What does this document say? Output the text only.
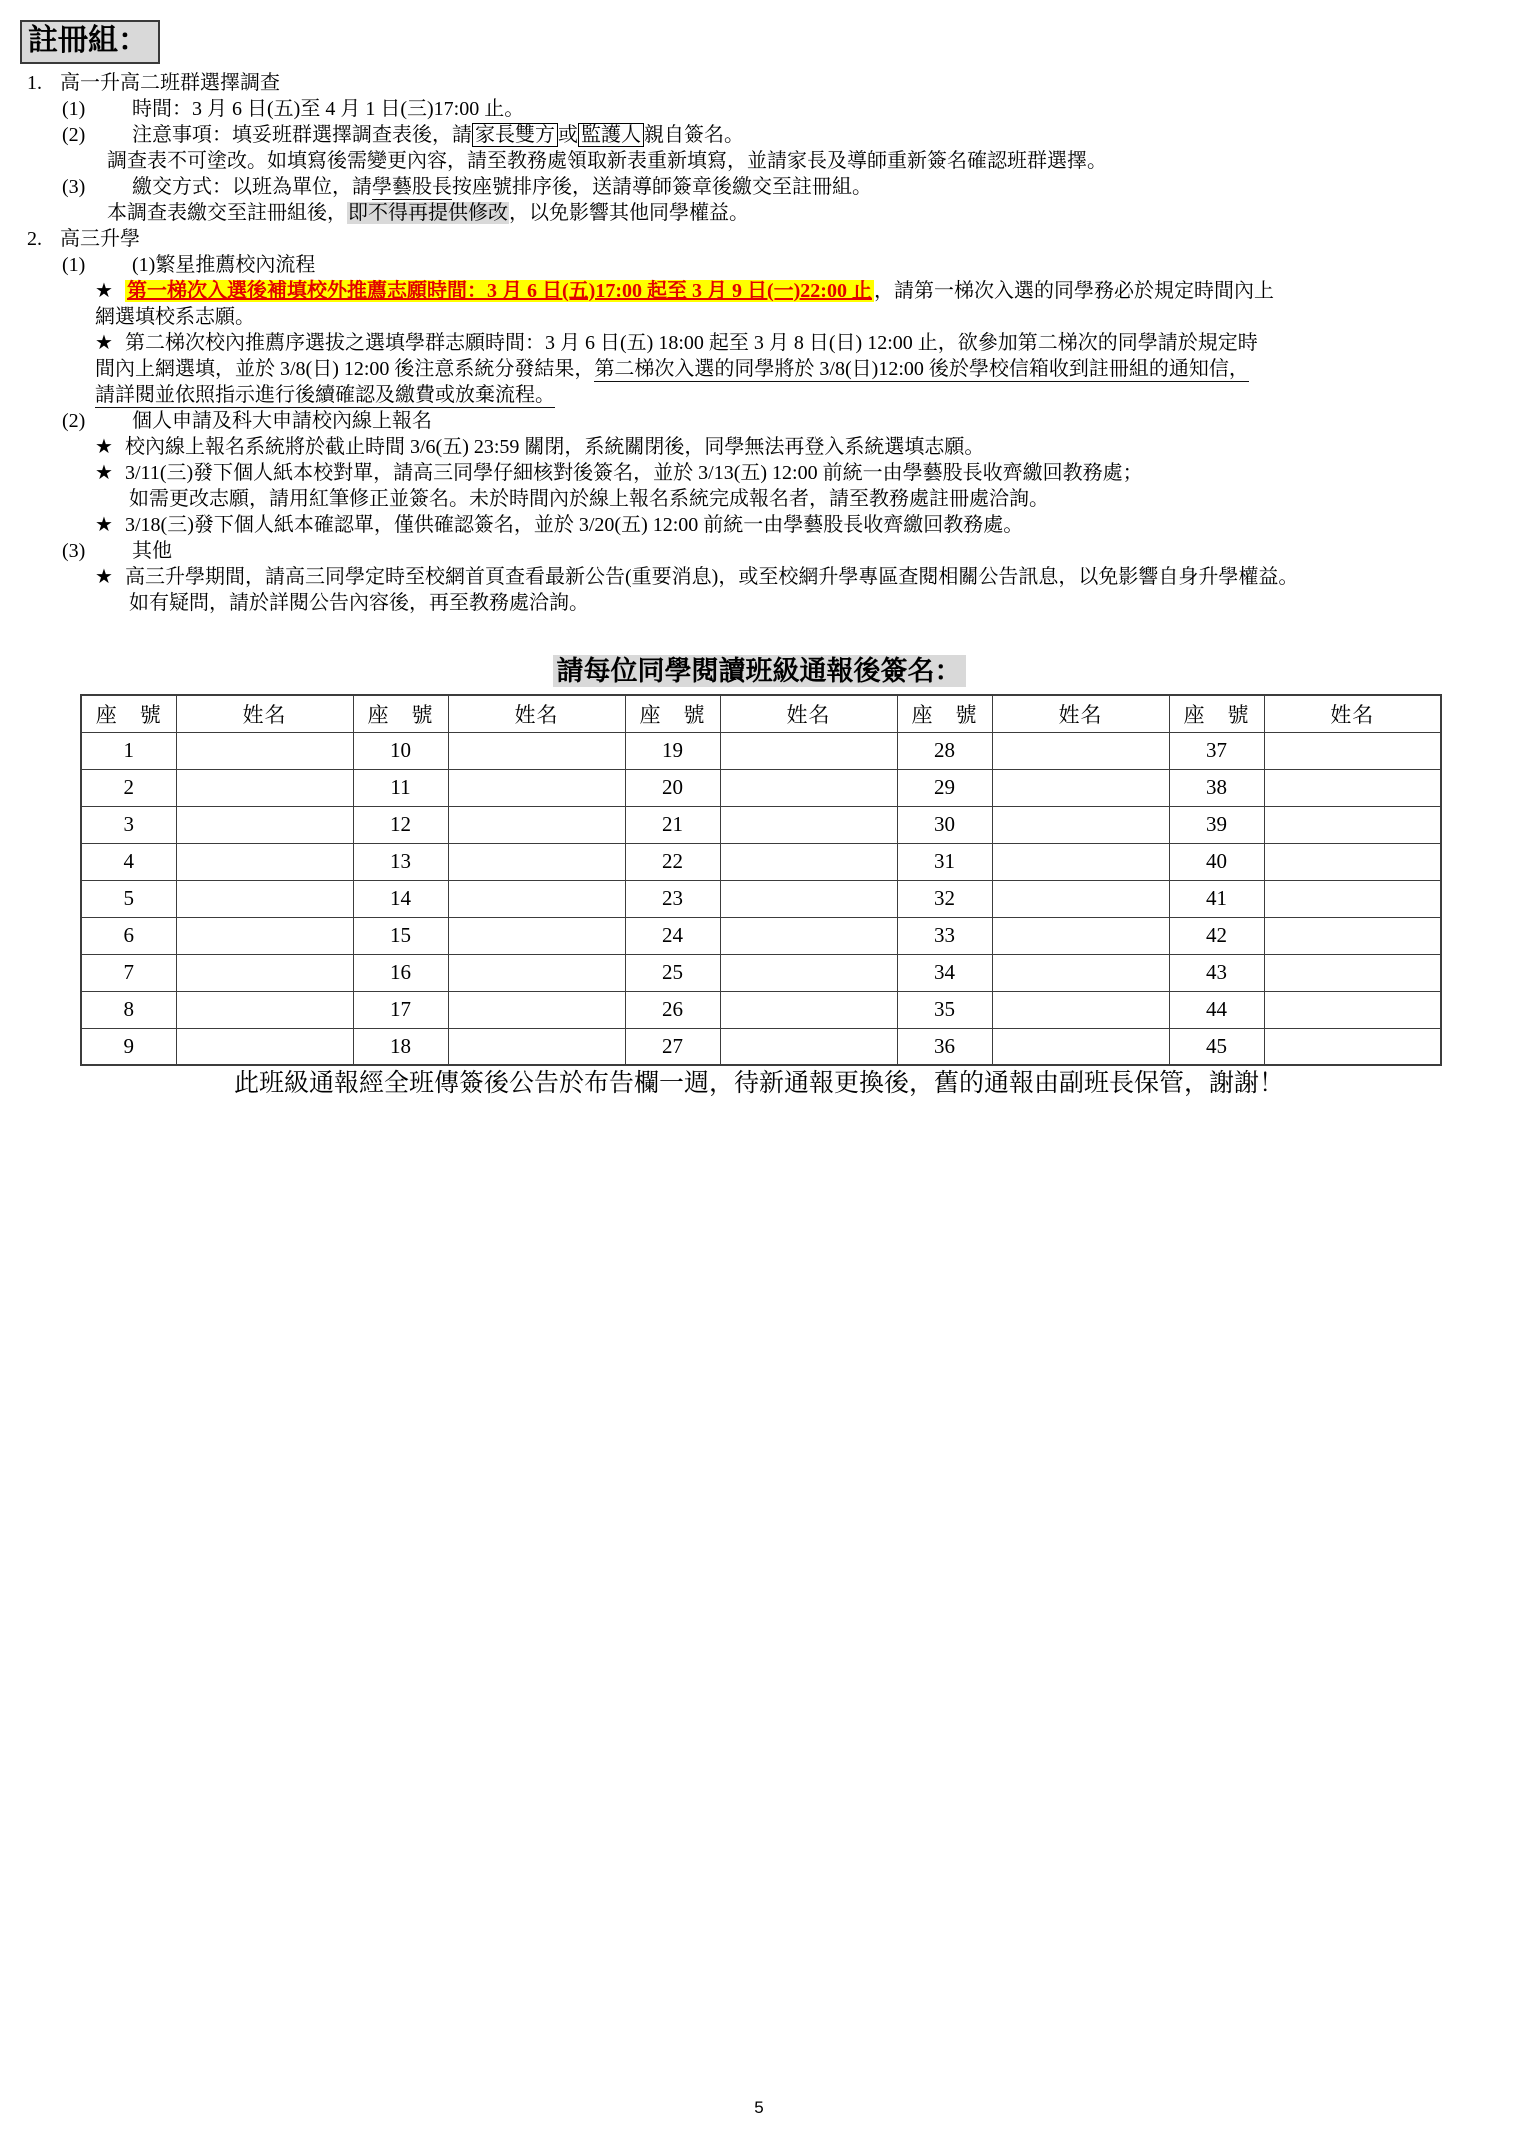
註冊組：
1. 高一升高二班群選擇調查
(1) 時間：3 月 6 日(五)至 4 月 1 日(三)17:00 止。
(2) 注意事項：填妥班群選擇調查表後，請 家長雙方 或 監護人 親自簽名。
調查表不可塗改。如填寫後需變更內容，請至教務處領取新表重新填寫，並請家長及導師重新簽名確認班群選擇。
(3) 繳交方式：以班為單位，請學藝股長按座號排序後，送請導師簽章後繳交至註冊組。
本調查表繳交至註冊組後，即不得再提供修改，以免影響其他同學權益。
2. 高三升學
(1) (1)繁星推薦校內流程
★ 第一梯次入選後補填校外推薦志願時間：3 月 6 日(五)17:00 起至 3 月 9 日(一)22:00 止 ，請第一梯次入選的同學務必於規定時間內上
網選填校系志願。
★ 第二梯次校內推薦序選拔之選填學群志願時間：3 月 6 日(五) 18:00 起至 3 月 8 日(日) 12:00 止，欲參加第二梯次的同學請於規定時
間內上網選填，並於 3/8(日) 12:00 後注意系統分發結果，第二梯次入選的同學將於 3/8(日)12:00 後於學校信箱收到註冊組的通知信，
請詳閱並依照指示進行後續確認及繳費或放棄流程。
(2) 個人申請及科大申請校內線上報名
★ 校內線上報名系統將於截止時間 3/6(五) 23:59 關閉，系統關閉後，同學無法再登入系統選填志願。
★ 3/11(三)發下個人紙本校對單，請高三同學仔細核對後簽名，並於 3/13(五) 12:00 前統一由學藝股長收齊繳回教務處；
如需更改志願，請用紅筆修正並簽名。未於時間內於線上報名系統完成報名者，請至教務處註冊處洽詢。
★ 3/18(三)發下個人紙本確認單，僅供確認簽名，並於 3/20(五) 12:00 前統一由學藝股長收齊繳回教務處。
(3) 其他
★ 高三升學期間，請高三同學定時至校網首頁查看最新公告(重要消息)，或至校網升學專區查閱相關公告訊息，以免影響自身升學權益。
如有疑問，請於詳閱公告內容後，再至教務處洽詢。
請每位同學閱讀班級通報後簽名：
座　號	姓名	座　號	姓名	座　號	姓名	座　號	姓名	座　號	姓名
1		10		19		28		37	
2		11		20		29		38	
3		12		21		30		39	
4		13		22		31		40	
5		14		23		32		41	
6		15		24		33		42	
7		16		25		34		43	
8		17		26		35		44	
9		18		27		36		45	
此班級通報經全班傳簽後公告於布告欄一週，待新通報更換後，舊的通報由副班長保管，謝謝！
5
